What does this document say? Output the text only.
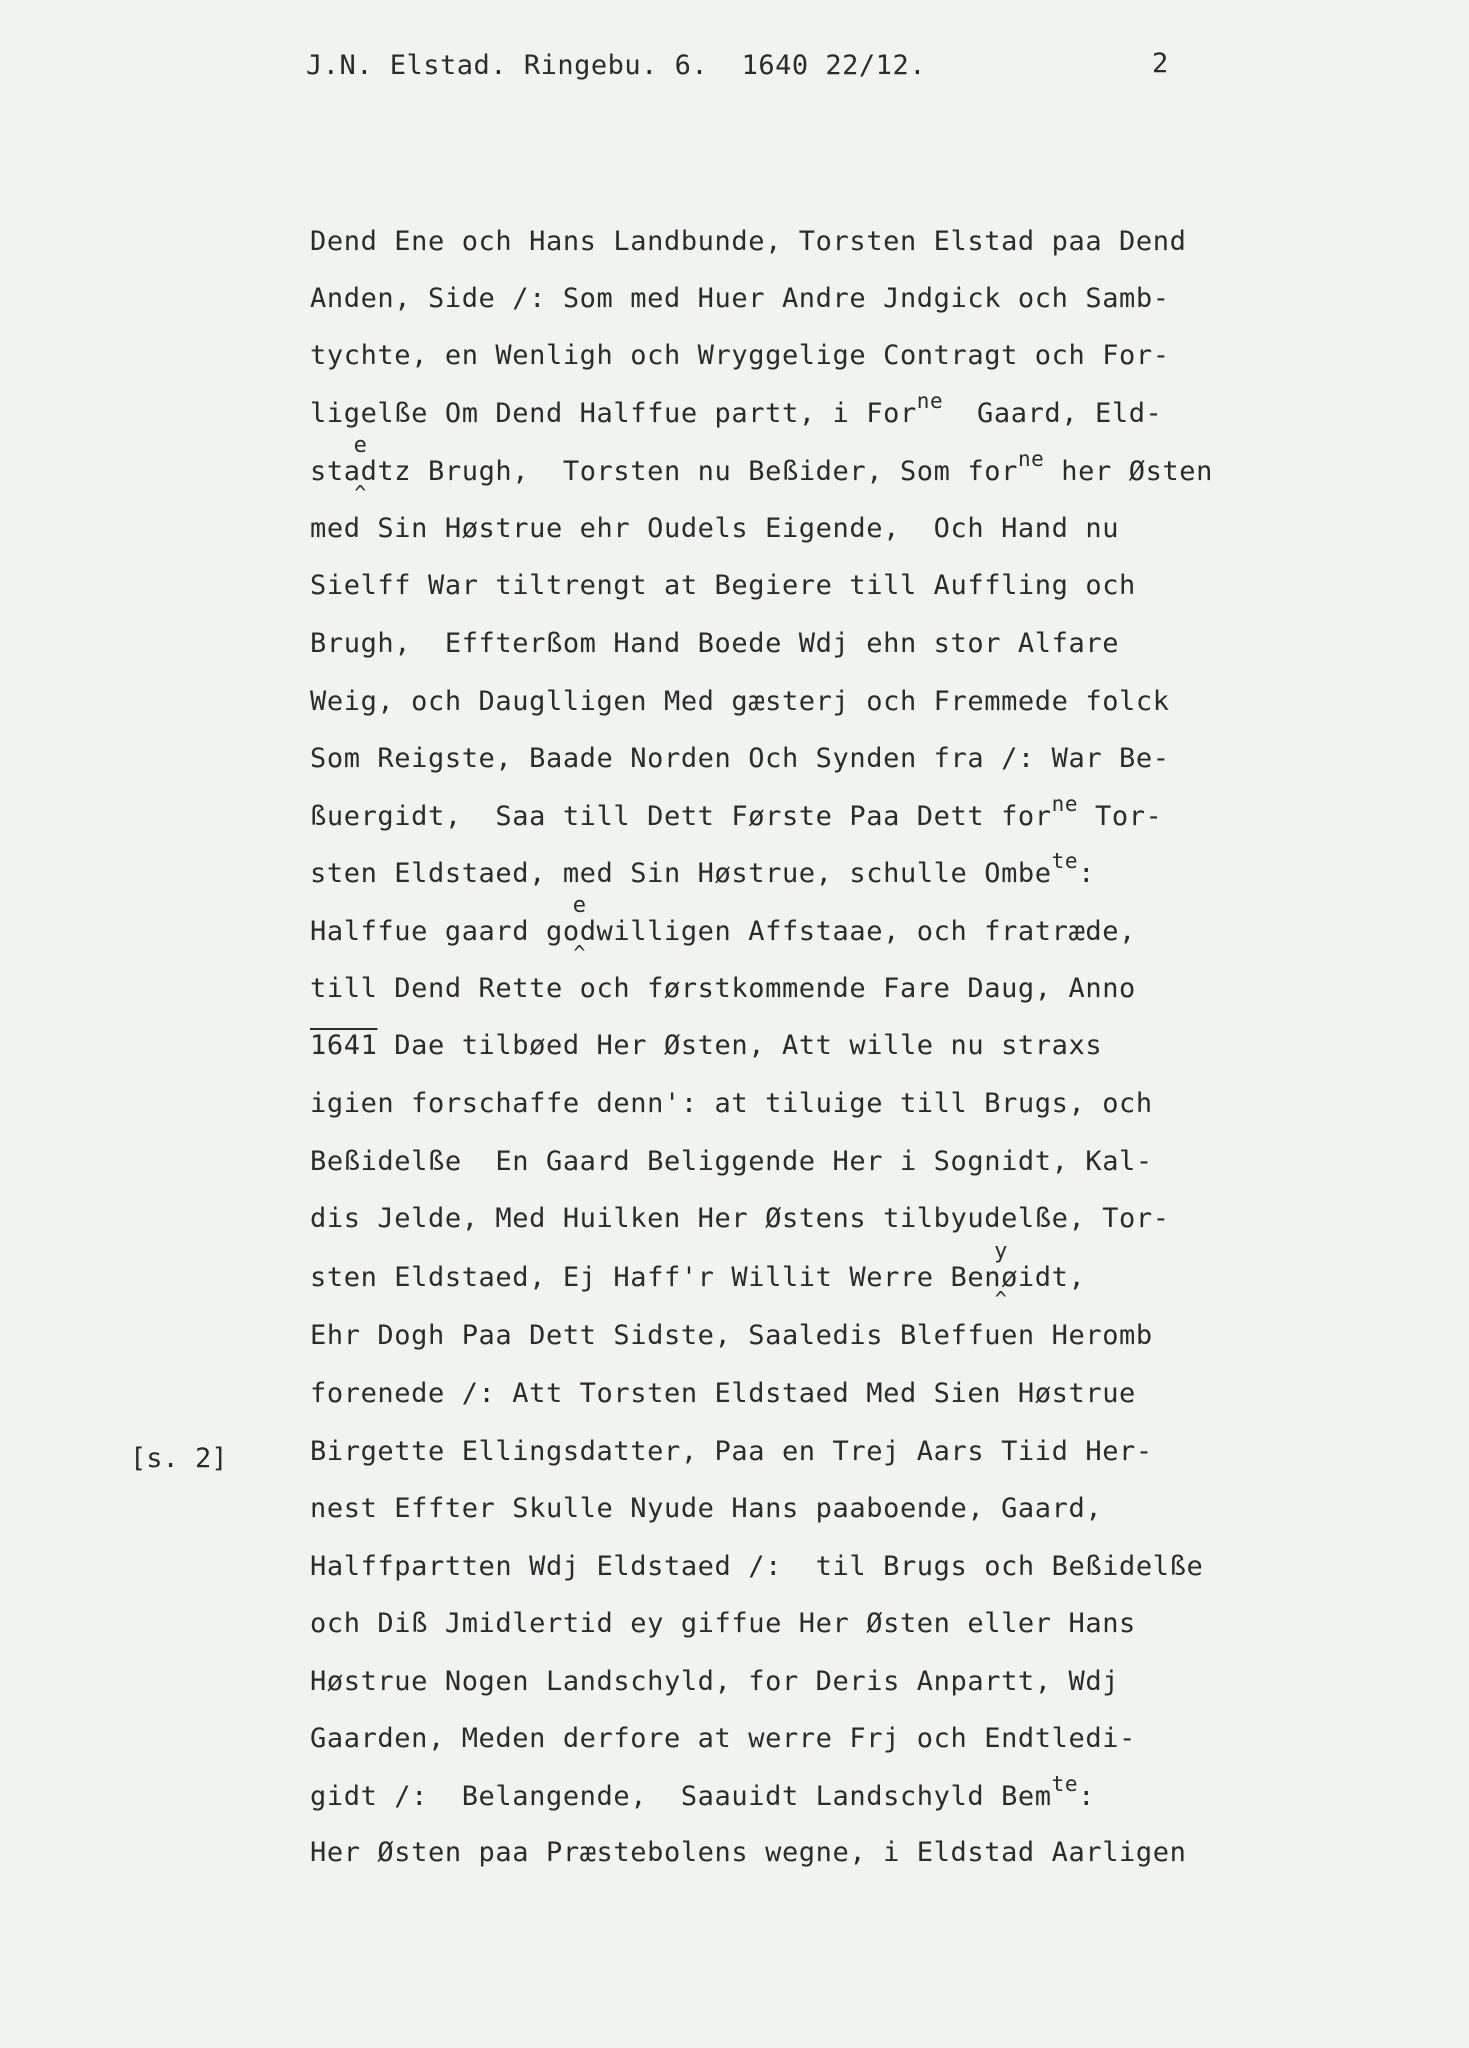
J.N. Elstad. Ringebu. 6.  1640 22/12.	2
[s. 2]
Dend Ene och Hans Landbunde, Torsten Elstad paa Dend
Anden, Side /: Som med Huer Andre Jndgick och Samb-
tychte, en Wenligh och Wryggelige Contragt och For-
ligelße Om Dend Halffue partt, i For$^{ne}$  Gaard, Eld-
sta
e
^
dtz Brugh,  Torsten nu Beßider, Som for$^{ne}$ her Østen
med Sin Høstrue ehr Oudels Eigende,  Och Hand nu
Sielff War tiltrengt at Begiere till Auffling och
Brugh,  Effterßom Hand Boede Wdj ehn stor Alfare
Weig, och Dauglligen Med gæsterj och Fremmede folck
Som Reigste, Baade Norden Och Synden fra /: War Be-
ßuergidt,  Saa till Dett Første Paa Dett for$^{ne}$ Tor-
sten Eldstaed, med Sin Høstrue, schulle Ombe$^{te}$:
Halffue gaard go
e
^
dwilligen Affstaae, och fratræde,
till Dend Rette och førstkommende Fare Daug, Anno
1641 Dae tilbøed Her Østen, Att wille nu straxs
igien forschaffe denn': at tiluige till Brugs, och
Beßidelße  En Gaard Beliggende Her i Sognidt, Kal-
dis Jelde, Med Huilken Her Østens tilbyudelße, Tor-
sten Eldstaed, Ej Haff'r Willit Werre Ben
y
^
øidt,
Ehr Dogh Paa Dett Sidste, Saaledis Bleffuen Heromb
forenede /: Att Torsten Eldstaed Med Sien Høstrue
Birgette Ellingsdatter, Paa en Trej Aars Tiid Her-
nest Effter Skulle Nyude Hans paaboende, Gaard,
Halffpartten Wdj Eldstaed /:  til Brugs och Beßidelße
och Diß Jmidlertid ey giffue Her Østen eller Hans
Høstrue Nogen Landschyld, for Deris Anpartt, Wdj
Gaarden, Meden derfore at werre Frj och Endtledi-
gidt /:  Belangende,  Saauidt Landschyld Bem$^{te}$:
Her Østen paa Præstebolens wegne, i Eldstad Aarligen
